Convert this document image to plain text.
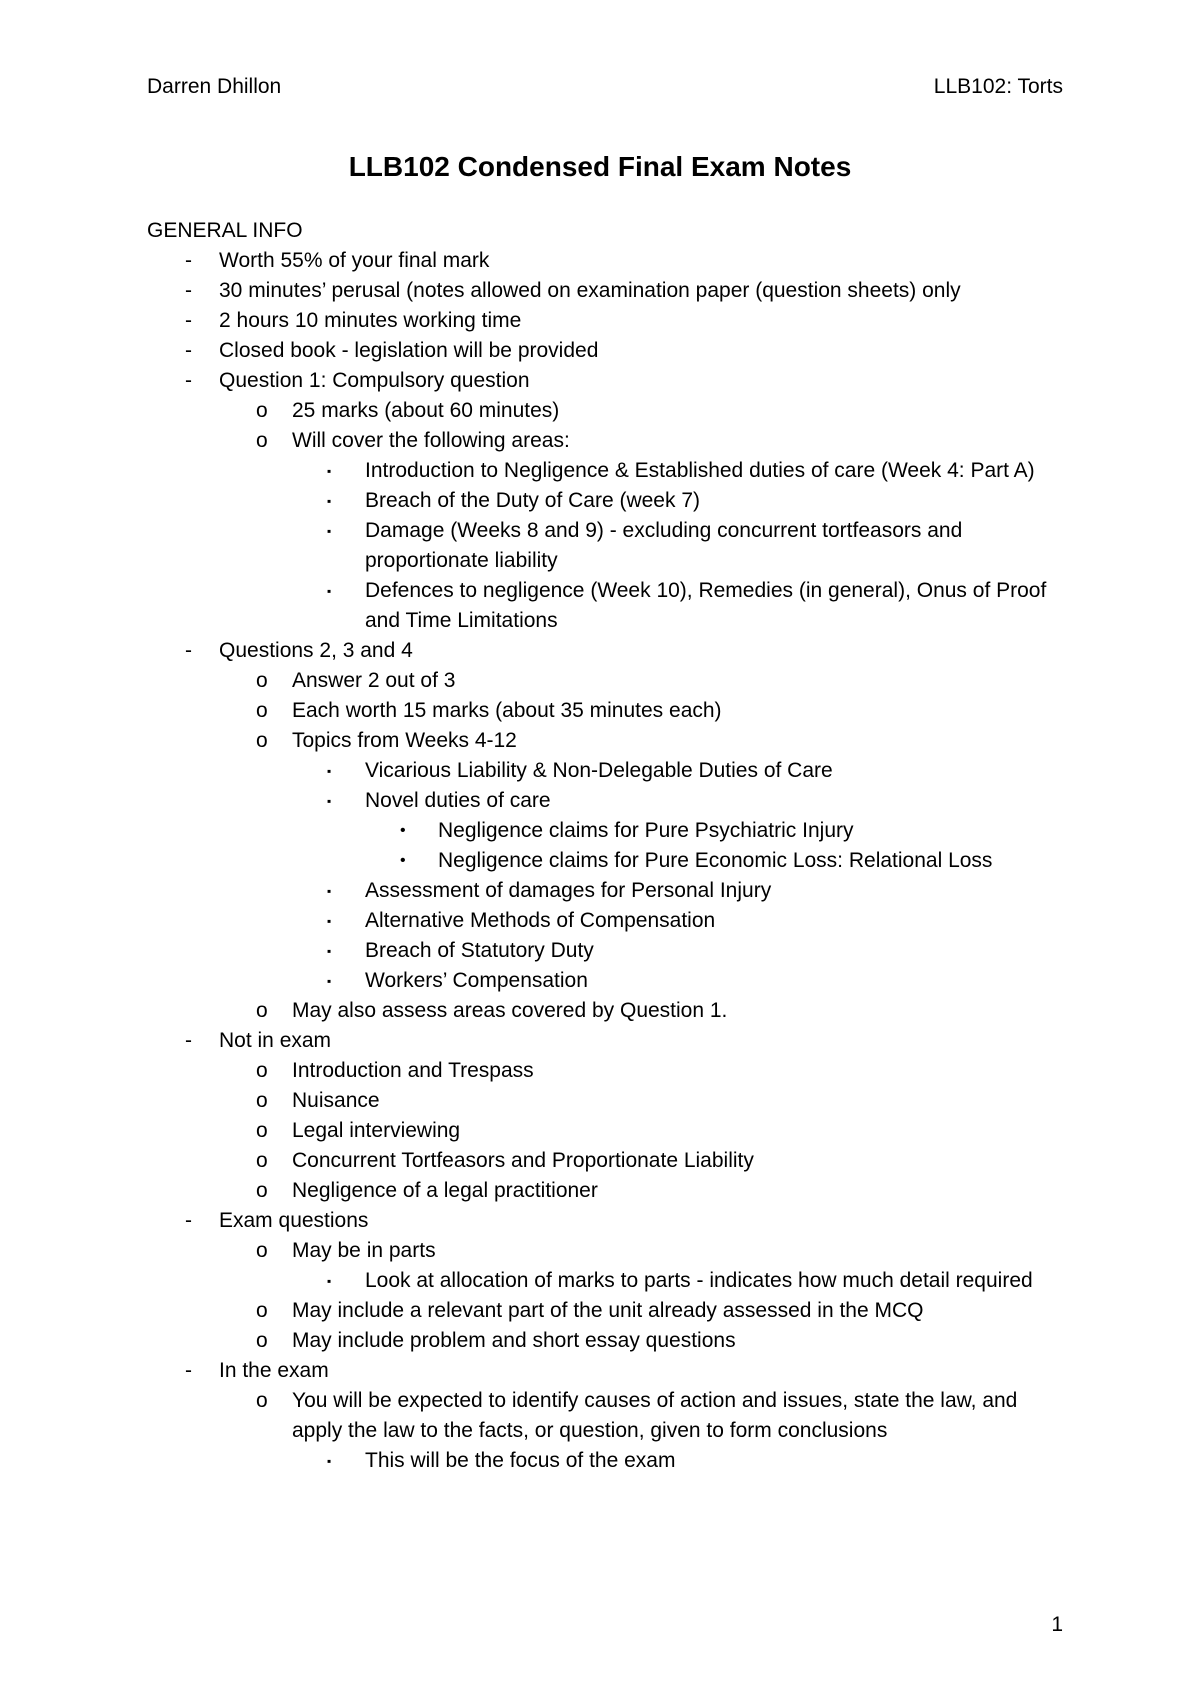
Darren Dhillon	LLB102: Torts
LLB102 Condensed Final Exam Notes
GENERAL INFO
- Worth 55% of your final mark
- 30 minutes’ perusal (notes allowed on examination paper (question sheets) only
- 2 hours 10 minutes working time
- Closed book - legislation will be provided
- Question 1: Compulsory question
o 25 marks (about 60 minutes)
o Will cover the following areas:
▪ Introduction to Negligence & Established duties of care (Week 4: Part A)
▪ Breach of the Duty of Care (week 7)
▪ Damage (Weeks 8 and 9) - excluding concurrent tortfeasors and proportionate liability
▪ Defences to negligence (Week 10), Remedies (in general), Onus of Proof and Time Limitations
- Questions 2, 3 and 4
o Answer 2 out of 3
o Each worth 15 marks (about 35 minutes each)
o Topics from Weeks 4-12
▪ Vicarious Liability & Non-Delegable Duties of Care
▪ Novel duties of care
• Negligence claims for Pure Psychiatric Injury
• Negligence claims for Pure Economic Loss: Relational Loss
▪ Assessment of damages for Personal Injury
▪ Alternative Methods of Compensation
▪ Breach of Statutory Duty
▪ Workers’ Compensation
o May also assess areas covered by Question 1.
- Not in exam
o Introduction and Trespass
o Nuisance
o Legal interviewing
o Concurrent Tortfeasors and Proportionate Liability
o Negligence of a legal practitioner
- Exam questions
o May be in parts
▪ Look at allocation of marks to parts - indicates how much detail required
o May include a relevant part of the unit already assessed in the MCQ
o May include problem and short essay questions
- In the exam
o You will be expected to identify causes of action and issues, state the law, and apply the law to the facts, or question, given to form conclusions
▪ This will be the focus of the exam
1
